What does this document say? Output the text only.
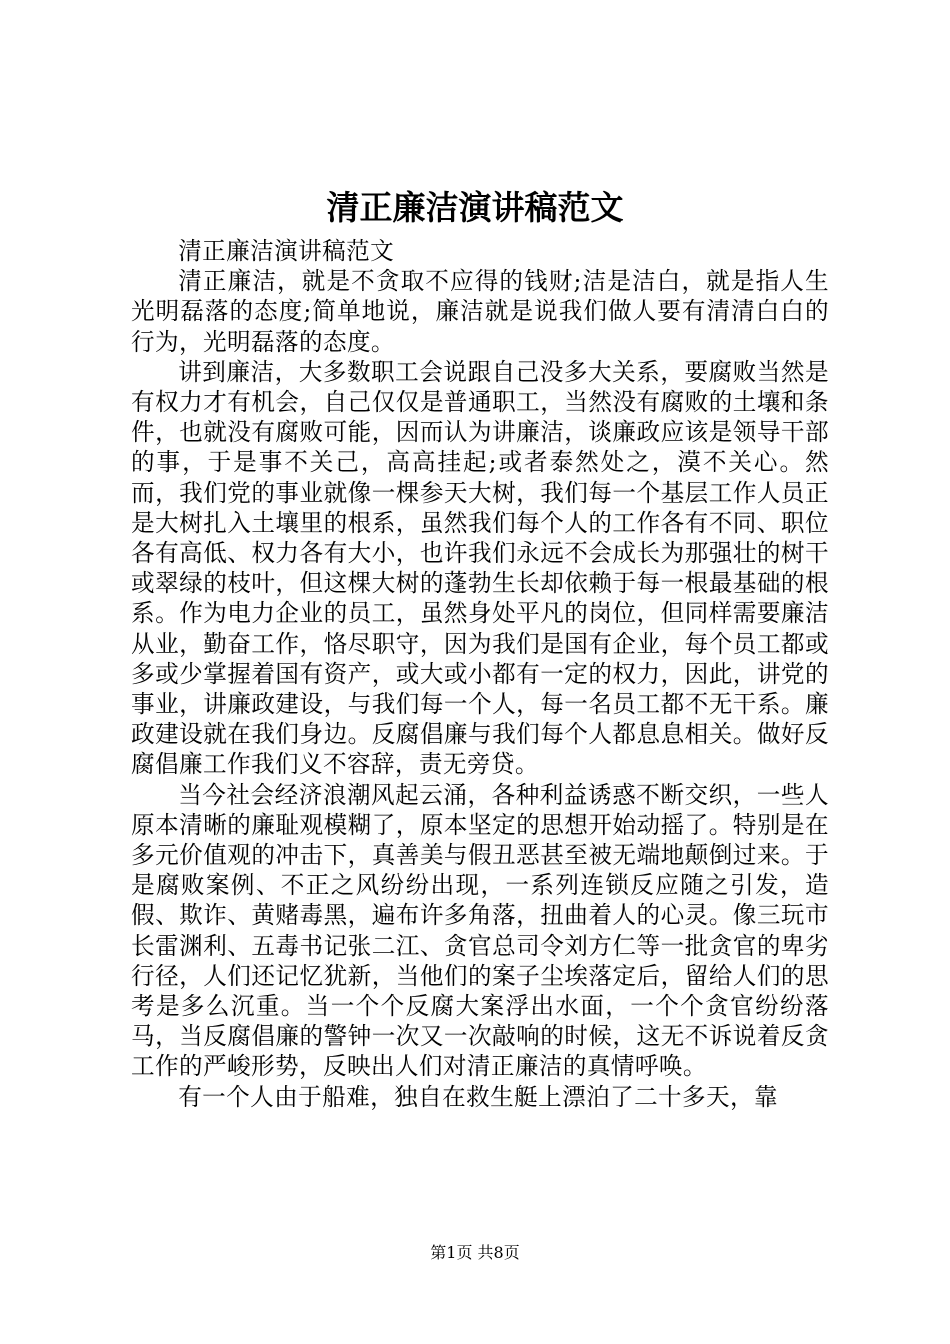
清正廉洁演讲稿范文

清正廉洁演讲稿范文

清正廉洁，就是不贪取不应得的钱财;洁是洁白，就是指人生光明磊落的态度;简单地说，廉洁就是说我们做人要有清清白白的行为，光明磊落的态度。

讲到廉洁，大多数职工会说跟自己没多大关系，要腐败当然是有权力才有机会，自己仅仅是普通职工，当然没有腐败的土壤和条件，也就没有腐败可能，因而认为讲廉洁，谈廉政应该是领导干部的事，于是事不关己，高高挂起;或者泰然处之，漠不关心。然而，我们党的事业就像一棵参天大树，我们每一个基层工作人员正是大树扎入土壤里的根系，虽然我们每个人的工作各有不同、职位各有高低、权力各有大小，也许我们永远不会成长为那强壮的树干或翠绿的枝叶，但这棵大树的蓬勃生长却依赖于每一根最基础的根系。作为电力企业的员工，虽然身处平凡的岗位，但同样需要廉洁从业，勤奋工作，恪尽职守，因为我们是国有企业，每个员工都或多或少掌握着国有资产，或大或小都有一定的权力，因此，讲党的事业，讲廉政建设，与我们每一个人，每一名员工都不无干系。廉政建设就在我们身边。反腐倡廉与我们每个人都息息相关。做好反腐倡廉工作我们义不容辞，责无旁贷。

当今社会经济浪潮风起云涌，各种利益诱惑不断交织，一些人原本清晰的廉耻观模糊了，原本坚定的思想开始动摇了。特别是在多元价值观的冲击下，真善美与假丑恶甚至被无端地颠倒过来。于是腐败案例、不正之风纷纷出现，一系列连锁反应随之引发，造假、欺诈、黄赌毒黑，遍布许多角落，扭曲着人的心灵。像三玩市长雷渊利、五毒书记张二江、贪官总司令刘方仁等一批贪官的卑劣行径，人们还记忆犹新，当他们的案子尘埃落定后，留给人们的思考是多么沉重。当一个个反腐大案浮出水面，一个个贪官纷纷落马，当反腐倡廉的警钟一次又一次敲响的时候，这无不诉说着反贪工作的严峻形势，反映出人们对清正廉洁的真情呼唤。

有一个人由于船难，独自在救生艇上漂泊了二十多天，靠

第1页 共8页
